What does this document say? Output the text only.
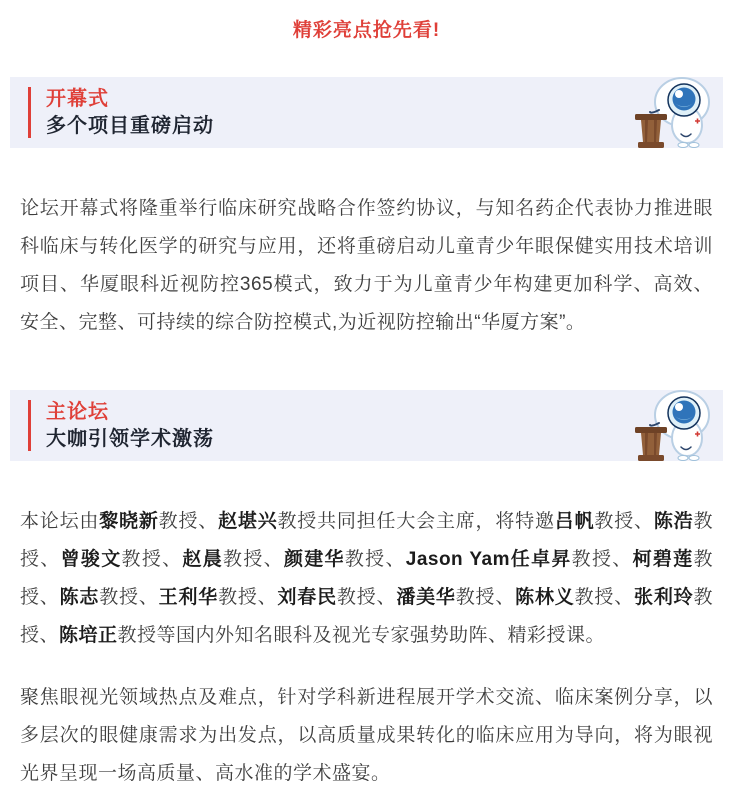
精彩亮点抢先看!
开幕式
多个项目重磅启动

论坛开幕式将隆重举行临床研究战略合作签约协议，与知名药企代表协力推进眼科临床与转化医学的研究与应用，还将重磅启动儿童青少年眼保健实用技术培训项目、华厦眼科近视防控365模式，致力于为儿童青少年构建更加科学、高效、安全、完整、可持续的综合防控模式,为近视防控输出“华厦方案”。

主论坛
大咖引领学术激荡

本论坛由黎晓新教授、赵堪兴教授共同担任大会主席，将特邀吕帆教授、陈浩教授、曾骏文教授、赵晨教授、颜建华教授、Jason Yam任卓昇教授、柯碧莲教授、陈志教授、王利华教授、刘春民教授、潘美华教授、陈林义教授、张利玲教授、陈培正教授等国内外知名眼科及视光专家强势助阵、精彩授课。

聚焦眼视光领域热点及难点，针对学科新进程展开学术交流、临床案例分享，以多层次的眼健康需求为出发点，以高质量成果转化的临床应用为导向，将为眼视光界呈现一场高质量、高水准的学术盛宴。
